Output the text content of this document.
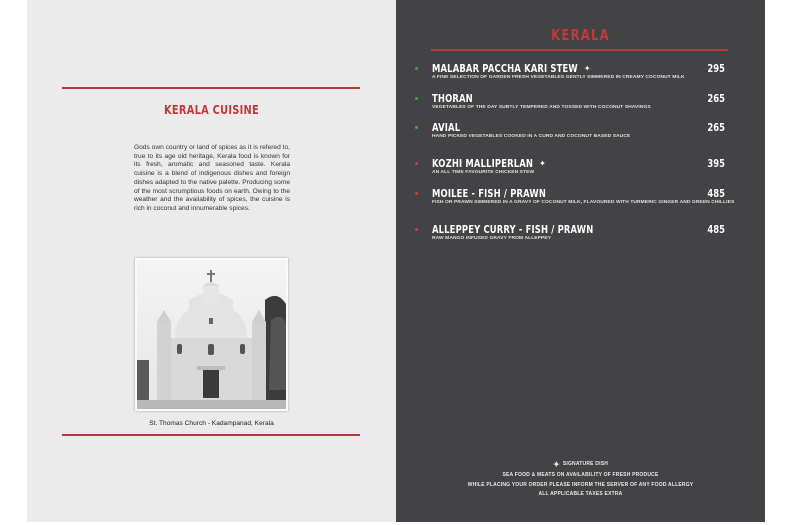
KERALA CUISINE
Gods own country or land of spices as it is refered to, true to its age old heritage, Kerala food is known for its fresh, aromatic and seasoned taste. Kerala cuisine is a blend of indigenous dishes and foreign dishes adapted to the native palette. Producing some of the most scrumptious foods on earth. Owing to the weather and the availability of spices, the cuisine is rich in coconut and innumerable spices.
St. Thomas Church - Kadampanad, Kerala
KERALA
MALABAR PACCHA KARI STEW ✦
A FINE SELECTION OF GARDEN FRESH VEGETABLES GENTLY SIMMERED IN CREAMY COCONUT MILK
295
THORAN
VEGETABLES OF THE DAY SUBTLY TEMPERED AND TOSSED WITH COCONUT SHAVINGS
265
AVIAL
HAND PICKED VEGETABLES COOKED IN A CURD AND COCONUT BASED SAUCE
265
KOZHI MALLIPERLAN ✦
AN ALL TIME FAVOURITE CHICKEN STEW
395
MOILEE - FISH / PRAWN
FISH OR PRAWN SIMMERED IN A GRAVY OF COCONUT MILK, FLAVOURED WITH TURMERIC GINGER AND GREEN CHILLIES
485
ALLEPPEY CURRY - FISH / PRAWN
RAW MANGO INFUSED GRAVY FROM ALLEPPEY
485
✦ SIGNATURE DISH
SEA FOOD & MEATS ON AVAILABILITY OF FRESH PRODUCE
WHILE PLACING YOUR ORDER PLEASE INFORM THE SERVER OF ANY FOOD ALLERGY
ALL APPLICABLE TAXES EXTRA
